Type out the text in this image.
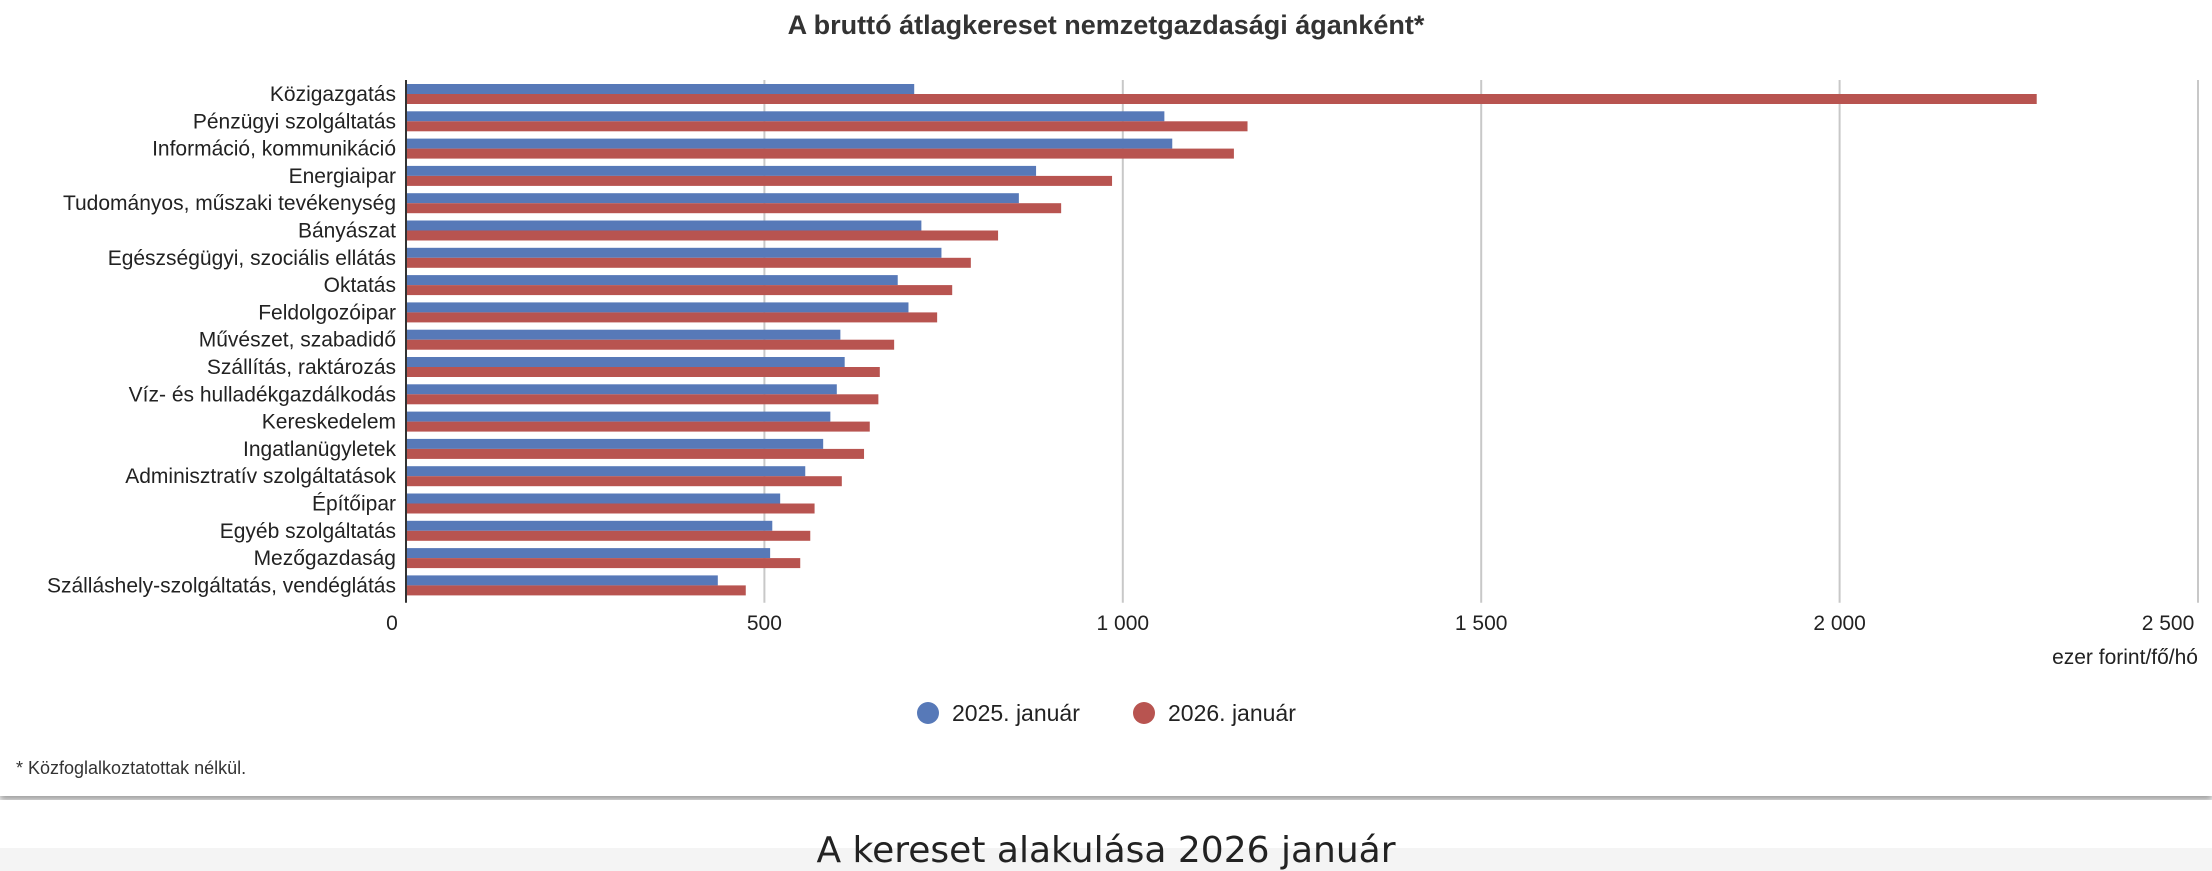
A bruttó átlagkereset nemzetgazdasági áganként*
Közigazgatás
Pénzügyi szolgáltatás
Információ, kommunikáció
Energiaipar
Tudományos, műszaki tevékenység
Bányászat
Egészségügyi, szociális ellátás
Oktatás
Feldolgozóipar
Művészet, szabadidő
Szállítás, raktározás
Víz- és hulladékgazdálkodás
Kereskedelem
Ingatlanügyletek
Adminisztratív szolgáltatások
Építőipar
Egyéb szolgáltatás
Mezőgazdaság
Szálláshely-szolgáltatás, vendéglátás
0	500	1 000	1 500	2 000	2 500
ezer forint/fő/hó
2025. január	2026. január
* Közfoglalkoztatottak nélkül.
A kereset alakulása 2026 január
